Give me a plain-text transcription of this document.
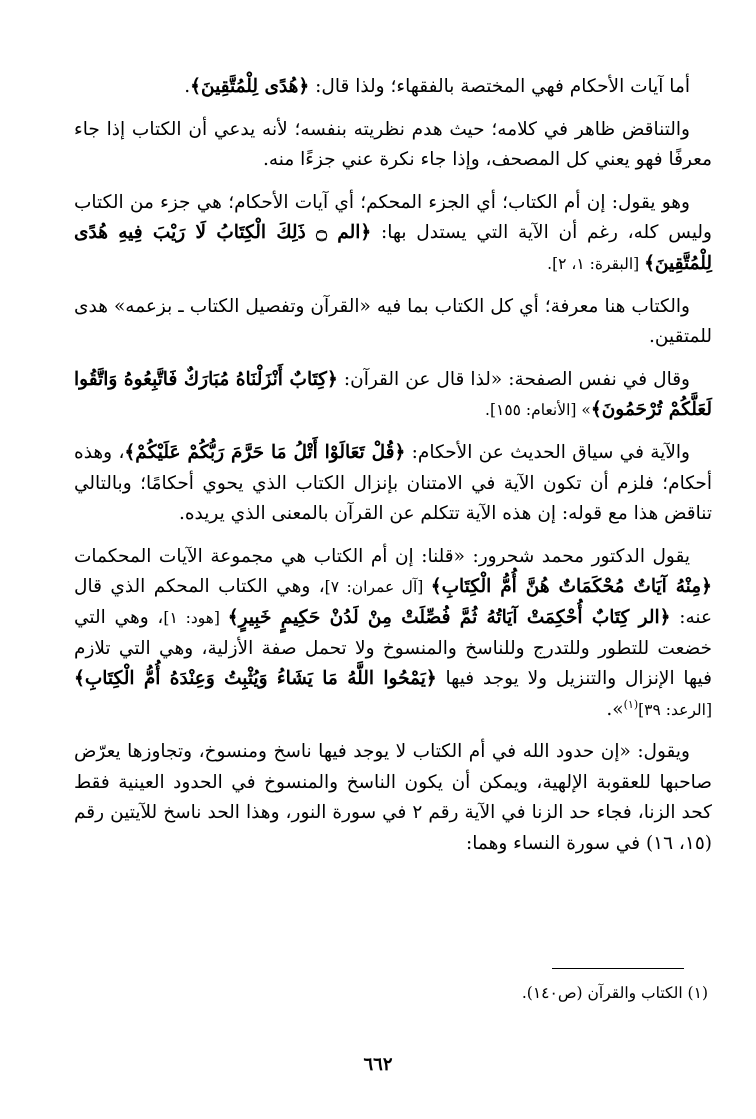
أما آيات الأحكام فهي المختصة بالفقهاء؛ ولذا قال: ﴿هُدًى لِلْمُتَّقِينَ﴾.

والتناقض ظاهر في كلامه؛ حيث هدم نظريته بنفسه؛ لأنه يدعي أن الكتاب إذا جاء معرفًا فهو يعني كل المصحف، وإذا جاء نكرة عني جزءًا منه.

وهو يقول: إن أم الكتاب؛ أي الجزء المحكم؛ أي آيات الأحكام؛ هي جزء من الكتاب وليس كله، رغم أن الآية التي يستدل بها: ﴿الم ۝ ذَلِكَ الْكِتَابُ لَا رَيْبَ فِيهِ هُدًى لِلْمُتَّقِينَ﴾ [البقرة: ١، ٢].

والكتاب هنا معرفة؛ أي كل الكتاب بما فيه «القرآن وتفصيل الكتاب ـ بزعمه» هدى للمتقين.

وقال في نفس الصفحة: «لذا قال عن القرآن: ﴿كِتَابٌ أَنْزَلْنَاهُ مُبَارَكٌ فَاتَّبِعُوهُ وَاتَّقُوا لَعَلَّكُمْ تُرْحَمُونَ﴾» [الأنعام: ١٥٥].

والآية في سياق الحديث عن الأحكام: ﴿قُلْ تَعَالَوْا أَتْلُ مَا حَرَّمَ رَبُّكُمْ عَلَيْكُمْ﴾، وهذه أحكام؛ فلزم أن تكون الآية في الامتنان بإنزال الكتاب الذي يحوي أحكامًا؛ وبالتالي تناقض هذا مع قوله: إن هذه الآية تتكلم عن القرآن بالمعنى الذي يريده.

يقول الدكتور محمد شحرور: «قلنا: إن أم الكتاب هي مجموعة الآيات المحكمات ﴿مِنْهُ آيَاتٌ مُحْكَمَاتٌ هُنَّ أُمُّ الْكِتَابِ﴾ [آل عمران: ٧]، وهي الكتاب المحكم الذي قال عنه: ﴿الر كِتَابٌ أُحْكِمَتْ آيَاتُهُ ثُمَّ فُصِّلَتْ مِنْ لَدُنْ حَكِيمٍ خَبِيرٍ﴾ [هود: ١]، وهي التي خضعت للتطور وللتدرج وللناسخ والمنسوخ ولا تحمل صفة الأزلية، وهي التي تلازم فيها الإنزال والتنزيل ولا يوجد فيها ﴿يَمْحُوا اللَّهُ مَا يَشَاءُ وَيُثْبِتُ وَعِنْدَهُ أُمُّ الْكِتَابِ﴾ [الرعد: ٣٩]$^{(١)}$».

ويقول: «إن حدود الله في أم الكتاب لا يوجد فيها ناسخ ومنسوخ، وتجاوزها يعرّض صاحبها للعقوبة الإلهية، ويمكن أن يكون الناسخ والمنسوخ في الحدود العينية فقط كحد الزنا، فجاء حد الزنا في الآية رقم ٢ في سورة النور، وهذا الحد ناسخ للآيتين رقم (١٥، ١٦) في سورة النساء وهما:

(١) الكتاب والقرآن (ص١٤٠).
٦٦٢
